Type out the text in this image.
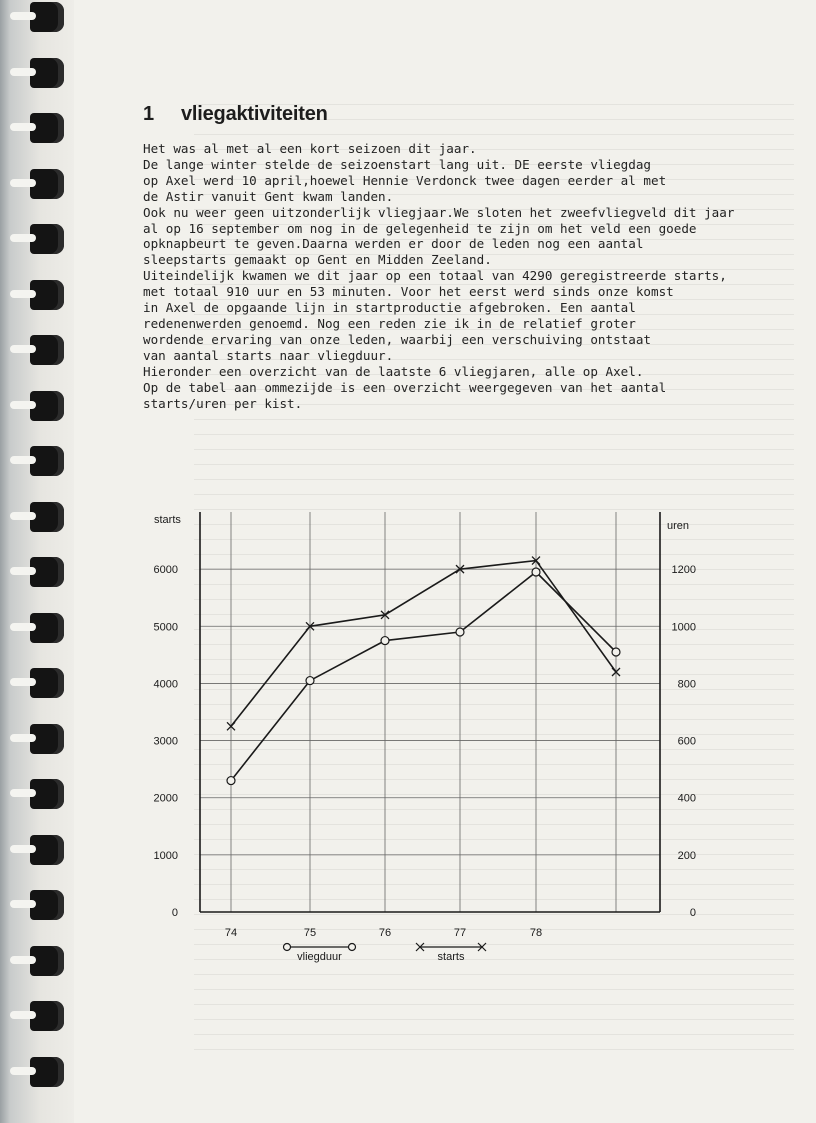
1 vliegaktiviteiten
Het was al met al een kort seizoen dit jaar.
De lange winter stelde de seizoenstart lang uit. DE eerste vliegdag
op Axel werd 10 april,hoewel Hennie Verdonck twee dagen eerder al met
de Astir vanuit Gent kwam landen.
Ook nu weer geen uitzonderlijk vliegjaar.We sloten het zweefvliegveld dit jaar
al op 16 september om nog in de gelegenheid te zijn om het veld een goede
opknapbeurt te geven.Daarna werden er door de leden nog een aantal
sleepstarts gemaakt op Gent en Midden Zeeland.
Uiteindelijk kwamen we dit jaar op een totaal van 4290 geregistreerde starts,
met totaal 910 uur en 53 minuten. Voor het eerst werd sinds onze komst
in Axel de opgaande lijn in startproductie afgebroken. Een aantal
redenenwerden genoemd. Nog een reden zie ik in de relatief groter
wordende ervaring van onze leden, waarbij een verschuiving ontstaat
van aantal starts naar vliegduur.
Hieronder een overzicht van de laatste 6 vliegjaren, alle op Axel.
Op de tabel aan ommezijde is een overzicht weergegeven van het aantal
starts/uren per kist.
starts	uren
0
1000
2000
3000
4000
5000
6000
0
200
400
600
800
1000
1200
74	75	76	77	78
vliegduur	starts
